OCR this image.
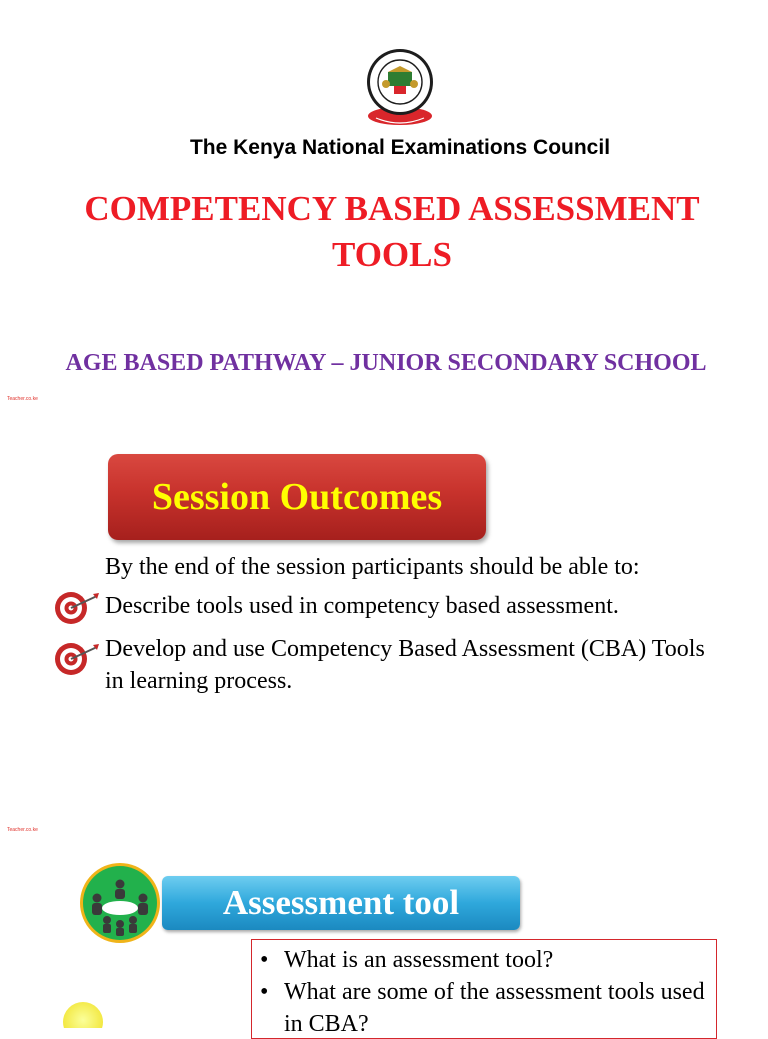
The Kenya National Examinations Council
COMPETENCY BASED ASSESSMENT
TOOLS
AGE BASED PATHWAY – JUNIOR SECONDARY SCHOOL
Teacher.co.ke
Session Outcomes
By the end of the session participants should be able to:
Describe tools used in competency based assessment.
Develop and use Competency Based Assessment (CBA) Tools in learning process.
Teacher.co.ke
Assessment tool
• What is an assessment tool?
• What are some of the assessment tools used in CBA?
